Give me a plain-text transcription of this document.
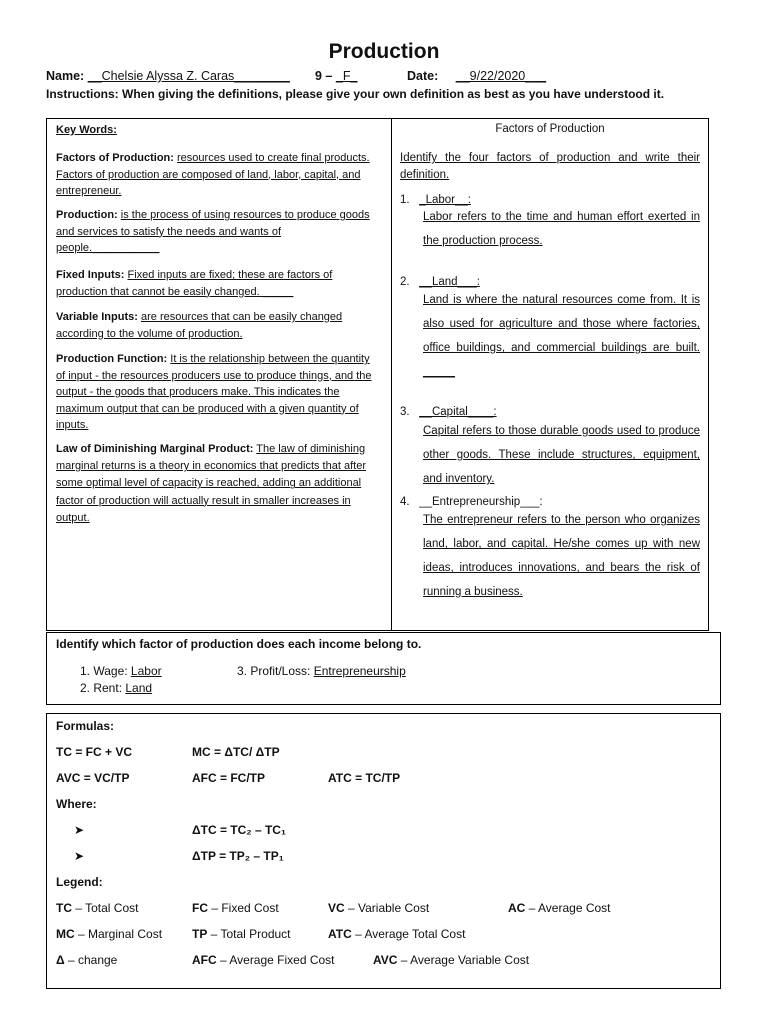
Production
Name: __Chelsie Alyssa Z. Caras________ 9 – _F_	Date: __9/22/2020___
Instructions: When giving the definitions, please give your own definition as best as you have understood it.
Key Words:
Factors of Production: resources used to create final products. Factors of production are composed of land, labor, capital, and entrepreneur.
Production: is the process of using resources to produce goods and services to satisfy the needs and wants of people.___________
Fixed Inputs: Fixed inputs are fixed; these are factors of production that cannot be easily changed. _____
Variable Inputs: are resources that can be easily changed according to the volume of production.
Production Function: It is the relationship between the quantity of input - the resources producers use to produce things, and the output - the goods that producers make. This indicates the maximum output that can be produced with a given quantity of inputs.
Law of Diminishing Marginal Product: The law of diminishing marginal returns is a theory in economics that predicts that after some optimal level of capacity is reached, adding an additional factor of production will actually result in smaller increases in output.
Factors of Production
Identify the four factors of production and write their definition.
1. _Labor__:
Labor refers to the time and human effort exerted in the production process.
2. __Land___:
Land is where the natural resources come from. It is also used for agriculture and those where factories, office buildings, and commercial buildings are built. _____
3. __Capital____:
Capital refers to those durable goods used to produce other goods. These include structures, equipment, and inventory.
4. __Entrepreneurship___:
The entrepreneur refers to the person who organizes land, labor, and capital. He/she comes up with new ideas, introduces innovations, and bears the risk of running a business.
Identify which factor of production does each income belong to.
1. Wage: Labor
2. Rent: Land
3. Profit/Loss: Entrepreneurship
Formulas:
TC = FC + VC	MC = ΔTC/ ΔTP
AVC = VC/TP	AFC = FC/TP	ATC = TC/TP
Where:
➤	ΔTC = TC₂ – TC₁
➤	ΔTP = TP₂ – TP₁
Legend:
TC – Total Cost	FC – Fixed Cost	VC – Variable Cost	AC – Average Cost
MC – Marginal Cost TP – Total Product	ATC – Average Total Cost
Δ – change	AFC – Average Fixed Cost	AVC – Average Variable Cost
